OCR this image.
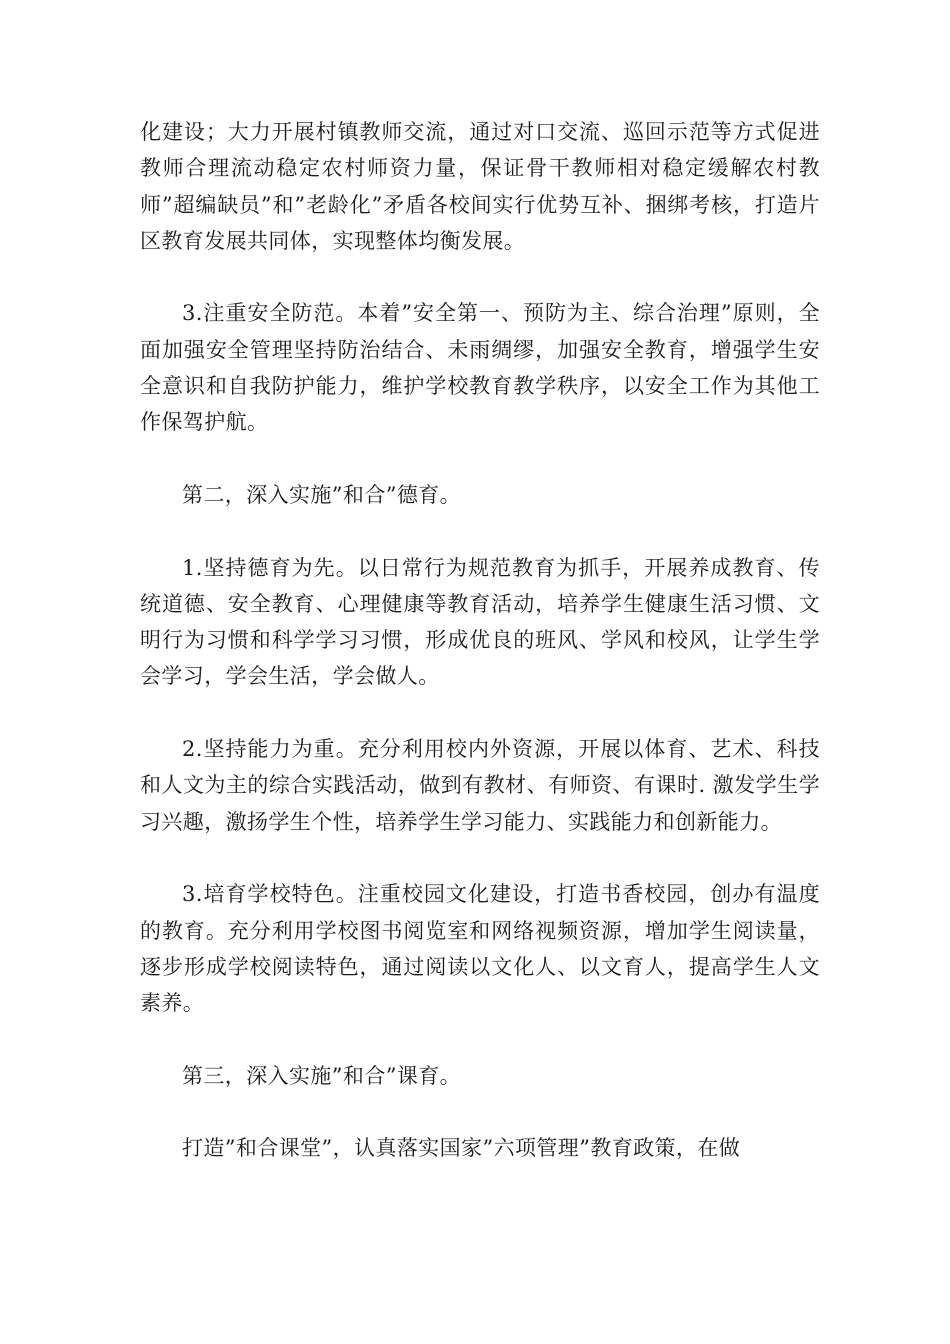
化建设；大力开展村镇教师交流，通过对口交流、巡回示范等方式促进教师合理流动稳定农村师资力量，保证骨干教师相对稳定缓解农村教师”超编缺员”和”老龄化”矛盾各校间实行优势互补、捆绑考核，打造片区教育发展共同体，实现整体均衡发展。

3.注重安全防范。本着”安全第一、预防为主、综合治理”原则，全面加强安全管理坚持防治结合、未雨绸缪，加强安全教育，增强学生安全意识和自我防护能力，维护学校教育教学秩序，以安全工作为其他工作保驾护航。

第二，深入实施”和合”德育。

1.坚持德育为先。以日常行为规范教育为抓手，开展养成教育、传统道德、安全教育、心理健康等教育活动，培养学生健康生活习惯、文明行为习惯和科学学习习惯，形成优良的班风、学风和校风，让学生学会学习，学会生活，学会做人。

2.坚持能力为重。充分利用校内外资源，开展以体育、艺术、科技和人文为主的综合实践活动，做到有教材、有师资、有课时. 激发学生学习兴趣，激扬学生个性，培养学生学习能力、实践能力和创新能力。

3.培育学校特色。注重校园文化建设，打造书香校园，创办有温度的教育。充分利用学校图书阅览室和网络视频资源，增加学生阅读量，逐步形成学校阅读特色，通过阅读以文化人、以文育人，提高学生人文素养。

第三，深入实施”和合”课育。

打造”和合课堂”，认真落实国家”六项管理”教育政策，在做
